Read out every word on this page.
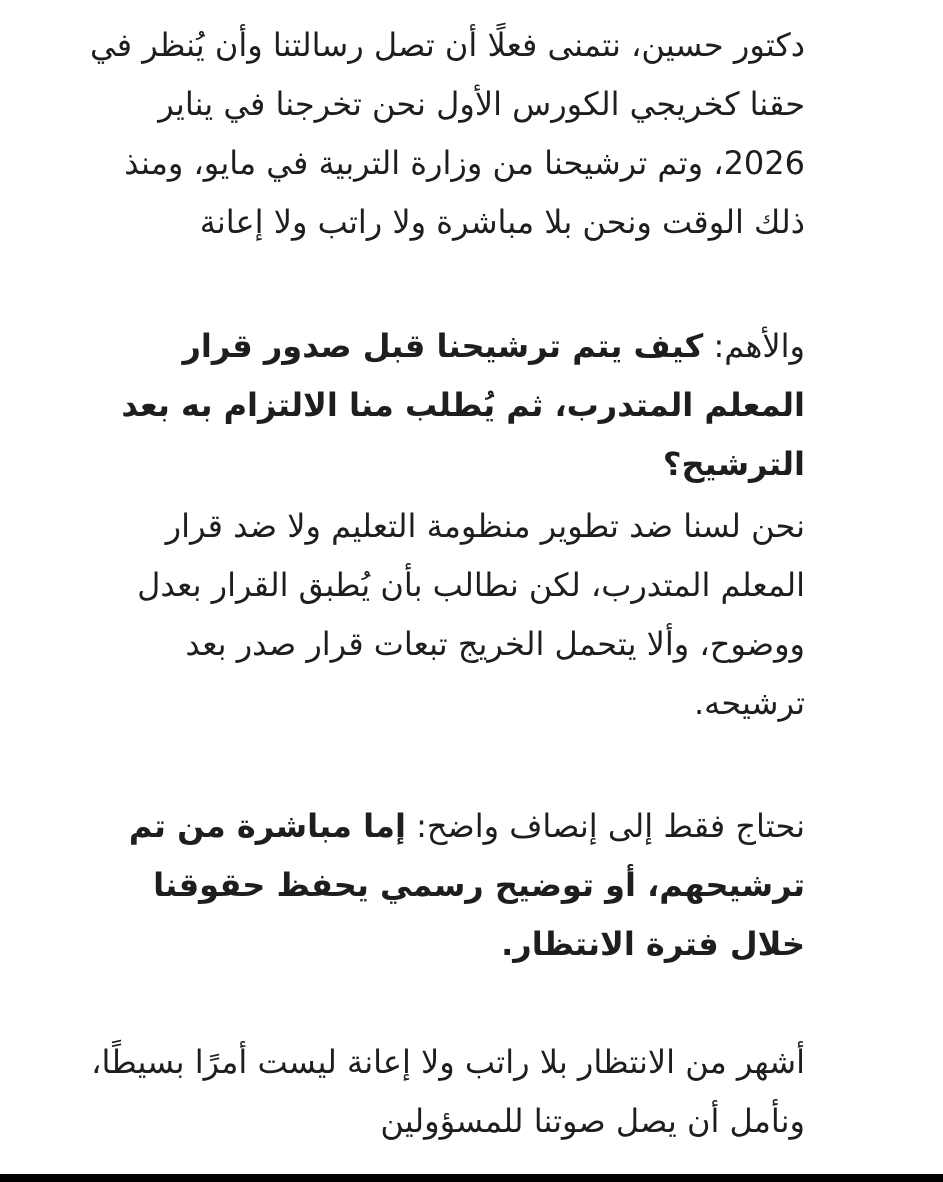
دكتور حسين، نتمنى فعلًا أن تصل رسالتنا وأن يُنظر في حقنا كخريجي الكورس الأول نحن تخرجنا في يناير 2026، وتم ترشيحنا من وزارة التربية في مايو، ومنذ ذلك الوقت ونحن بلا مباشرة ولا راتب ولا إعانة

والأهم: كيف يتم ترشيحنا قبل صدور قرار المعلم المتدرب، ثم يُطلب منا الالتزام به بعد الترشيح؟

نحن لسنا ضد تطوير منظومة التعليم ولا ضد قرار المعلم المتدرب، لكن نطالب بأن يُطبق القرار بعدل ووضوح، وألا يتحمل الخريج تبعات قرار صدر بعد ترشيحه.

نحتاج فقط إلى إنصاف واضح: إما مباشرة من تم ترشيحهم، أو توضيح رسمي يحفظ حقوقنا خلال فترة الانتظار.

أشهر من الانتظار بلا راتب ولا إعانة ليست أمرًا بسيطًا، ونأمل أن يصل صوتنا للمسؤولين
